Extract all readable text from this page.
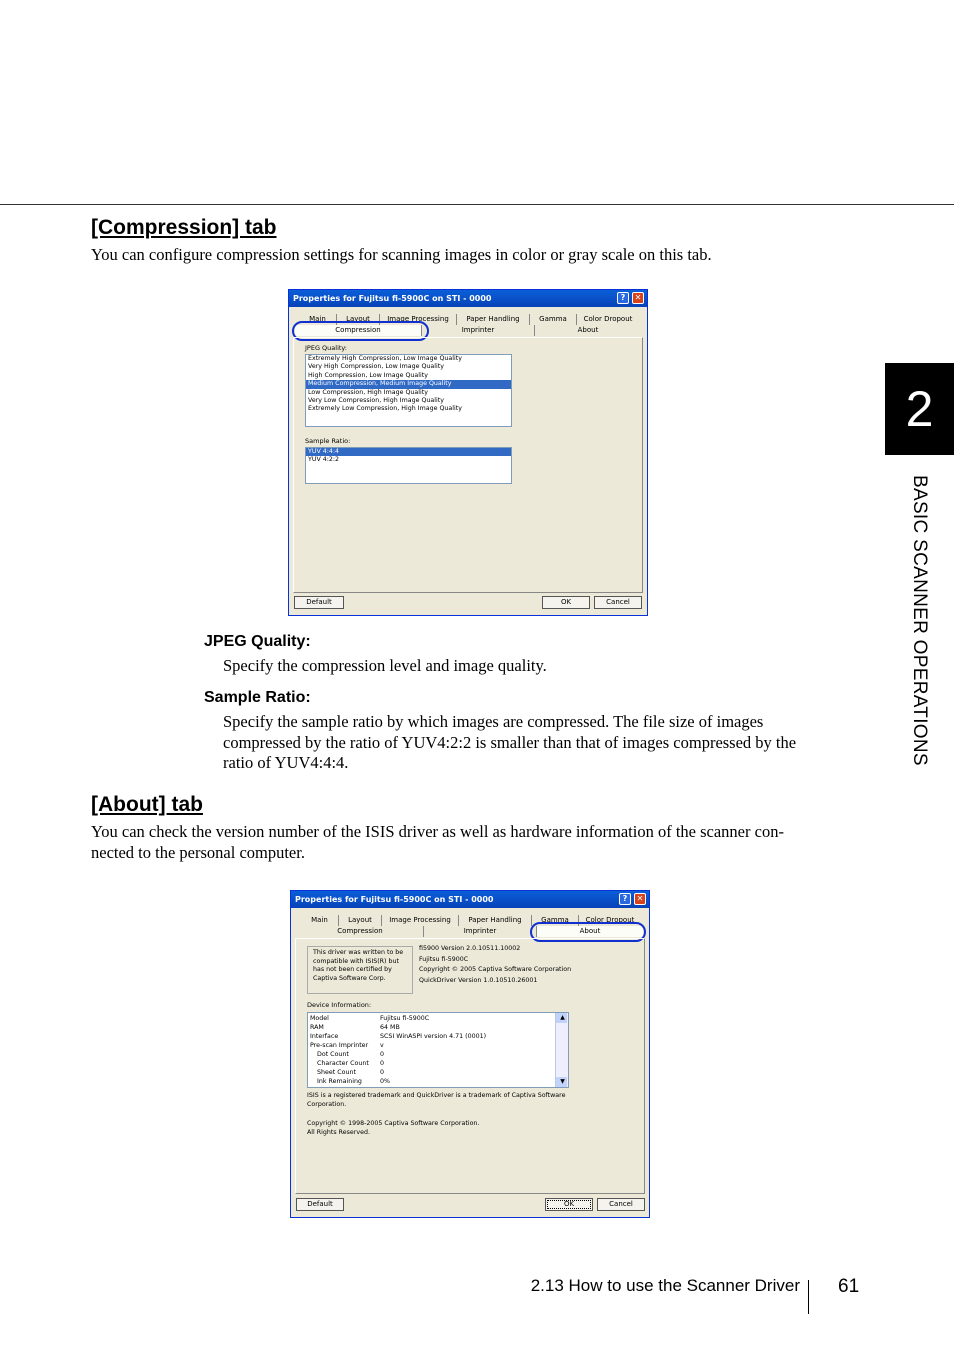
[Compression] tab

You can configure compression settings for scanning images in color or gray scale on this tab.

Properties for Fujitsu fi-5900C on STI - 0000	?	✕
Main	Layout	Image Processing	Paper Handling	Gamma	Color Dropout
Compression	Imprinter	About
JPEG Quality:
Extremely High Compression, Low Image Quality
Very High Compression, Low Image Quality
High Compression, Low Image Quality
Medium Compression, Medium Image Quality
Low Compression, High Image Quality
Very Low Compression, High Image Quality
Extremely Low Compression, High Image Quality
Sample Ratio:
YUV 4:4:4
YUV 4:2:2
Default	OK	Cancel
JPEG Quality:

Specify the compression level and image quality.

Sample Ratio:

Specify the sample ratio by which images are compressed. The file size of images

compressed by the ratio of YUV4:2:2 is smaller than that of images compressed by the

ratio of YUV4:4:4.

[About] tab

You can check the version number of the ISIS driver as well as hardware information of the scanner con-

nected to the personal computer.

Properties for Fujitsu fi-5900C on STI - 0000	?	✕
Main	Layout	Image Processing	Paper Handling	Gamma	Color Dropout
Compression	Imprinter	About
This driver was written to be
compatible with ISIS(R) but
has not been certified by
Captiva Software Corp.
fi5900 Version 2.0.10511.10002
Fujitsu fi-5900C
Copyright © 2005 Captiva Software Corporation
QuickDriver Version 1.0.10510.26001
Device Information:
Model	Fujitsu fi-5900C
RAM	64 MB
Interface	SCSI WinASPI version 4.71 (0001)
Pre-scan Imprinter	v
Dot Count	0
Character Count	0
Sheet Count	0
Ink Remaining	0%
▲
▼
ISIS is a registered trademark and QuickDriver is a trademark of Captiva Software
Corporation.
Copyright © 1998-2005 Captiva Software Corporation.
All Rights Reserved.
Default	OK	Cancel
2
BASIC SCANNER OPERATIONS
2.13 How to use the Scanner Driver 61
